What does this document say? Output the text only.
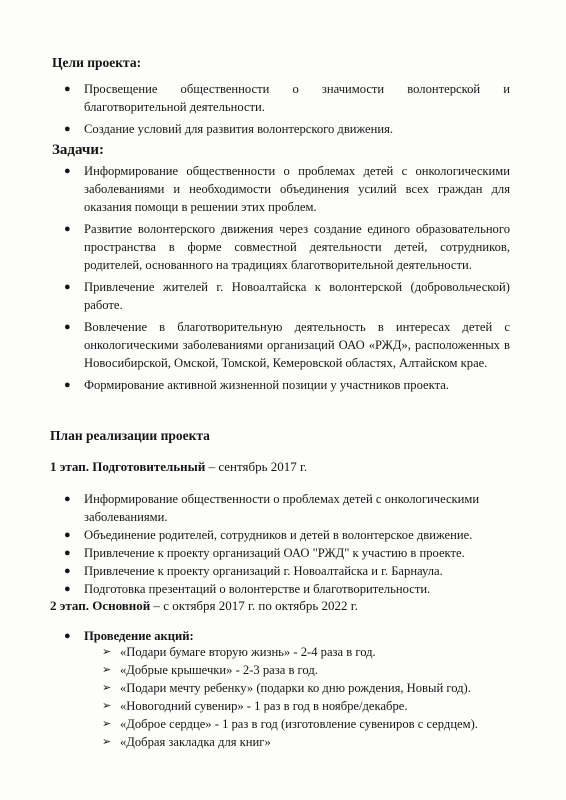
Цели проекта:
● Просвещение общественности о значимости волонтерской и благотворительной деятельности.
● Создание условий для развития волонтерского движения.
Задачи:
● Информирование общественности о проблемах детей с онкологическими заболеваниями и необходимости объединения усилий всех граждан для оказания помощи в решении этих проблем.
● Развитие волонтерского движения через создание единого образовательного пространства в форме совместной деятельности детей, сотрудников, родителей, основанного на традициях благотворительной деятельности.
● Привлечение жителей г. Новоалтайска к волонтерской (добровольческой) работе.
● Вовлечение в благотворительную деятельность в интересах детей с онкологическими заболеваниями организаций ОАО «РЖД», расположенных в Новосибирской, Омской, Томской, Кемеровской областях, Алтайском крае.
● Формирование активной жизненной позиции у участников проекта.
План реализации проекта
1 этап. Подготовительный – сентябрь 2017 г.
● Информирование общественности о проблемах детей с онкологическими заболеваниями.
● Объединение родителей, сотрудников и детей в волонтерское движение.
● Привлечение к проекту организаций ОАО "РЖД" к участию в проекте.
● Привлечение к проекту организаций г. Новоалтайска и г. Барнаула.
● Подготовка презентаций о волонтерстве и благотворительности.
2 этап. Основной – с октября 2017 г. по октябрь 2022 г.
● Проведение акций:
➢ «Подари бумаге вторую жизнь» - 2-4 раза в год.
➢ «Добрые крышечки» - 2-3 раза в год.
➢ «Подари мечту ребенку» (подарки ко дню рождения, Новый год).
➢ «Новогодний сувенир» - 1 раз в год в ноябре/декабре.
➢ «Доброе сердце» - 1 раз в год (изготовление сувениров с сердцем).
➢ «Добрая закладка для книг»
